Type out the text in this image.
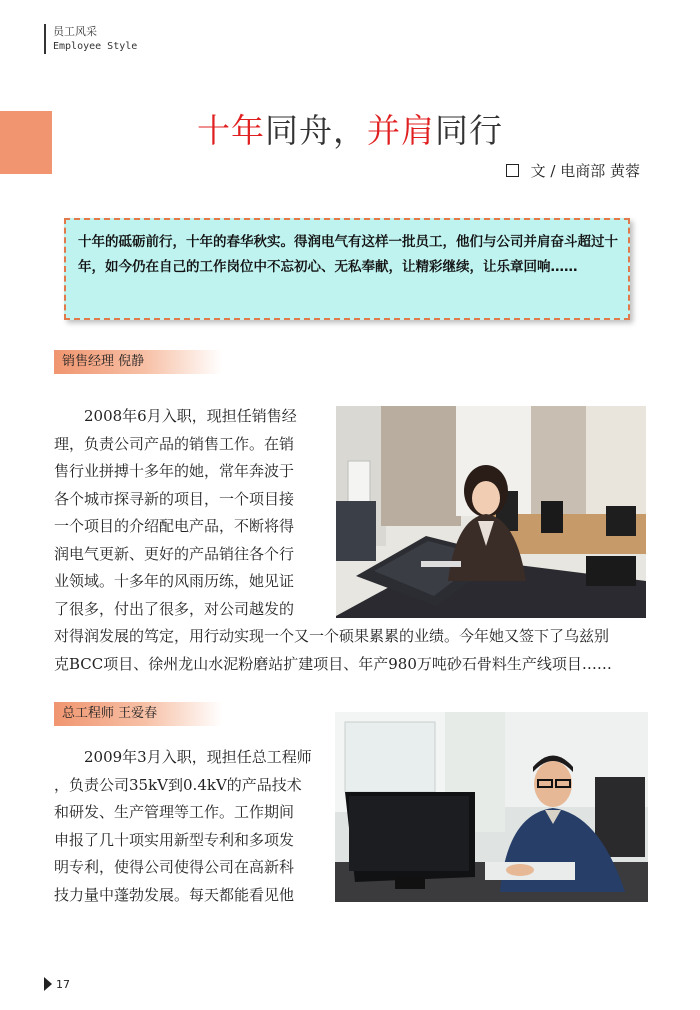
员工风采
Employee Style
十年同舟，并肩同行
文 / 电商部 黄蓉
十年的砥砺前行，十年的春华秋实。得润电气有这样一批员工，他们与公司并肩奋斗超过十年，如今仍在自己的工作岗位中不忘初心、无私奉献，让精彩继续，让乐章回响……
销售经理 倪静
　　2008年6月入职，现担任销售经
理，负责公司产品的销售工作。在销
售行业拼搏十多年的她，常年奔波于
各个城市探寻新的项目，一个项目接
一个项目的介绍配电产品，不断将得
润电气更新、更好的产品销往各个行
业领域。十多年的风雨历练，她见证
了很多，付出了很多，对公司越发的
对得润发展的笃定，用行动实现一个又一个硕果累累的业绩。今年她又签下了乌兹别
克BCC项目、徐州龙山水泥粉磨站扩建项目、年产980万吨砂石骨料生产线项目……
总工程师 王爱春
　　2009年3月入职，现担任总工程师
，负责公司35kV到0.4kV的产品技术
和研发、生产管理等工作。工作期间
申报了几十项实用新型专利和多项发
明专利，使得公司使得公司在高新科
技力量中蓬勃发展。每天都能看见他
17
